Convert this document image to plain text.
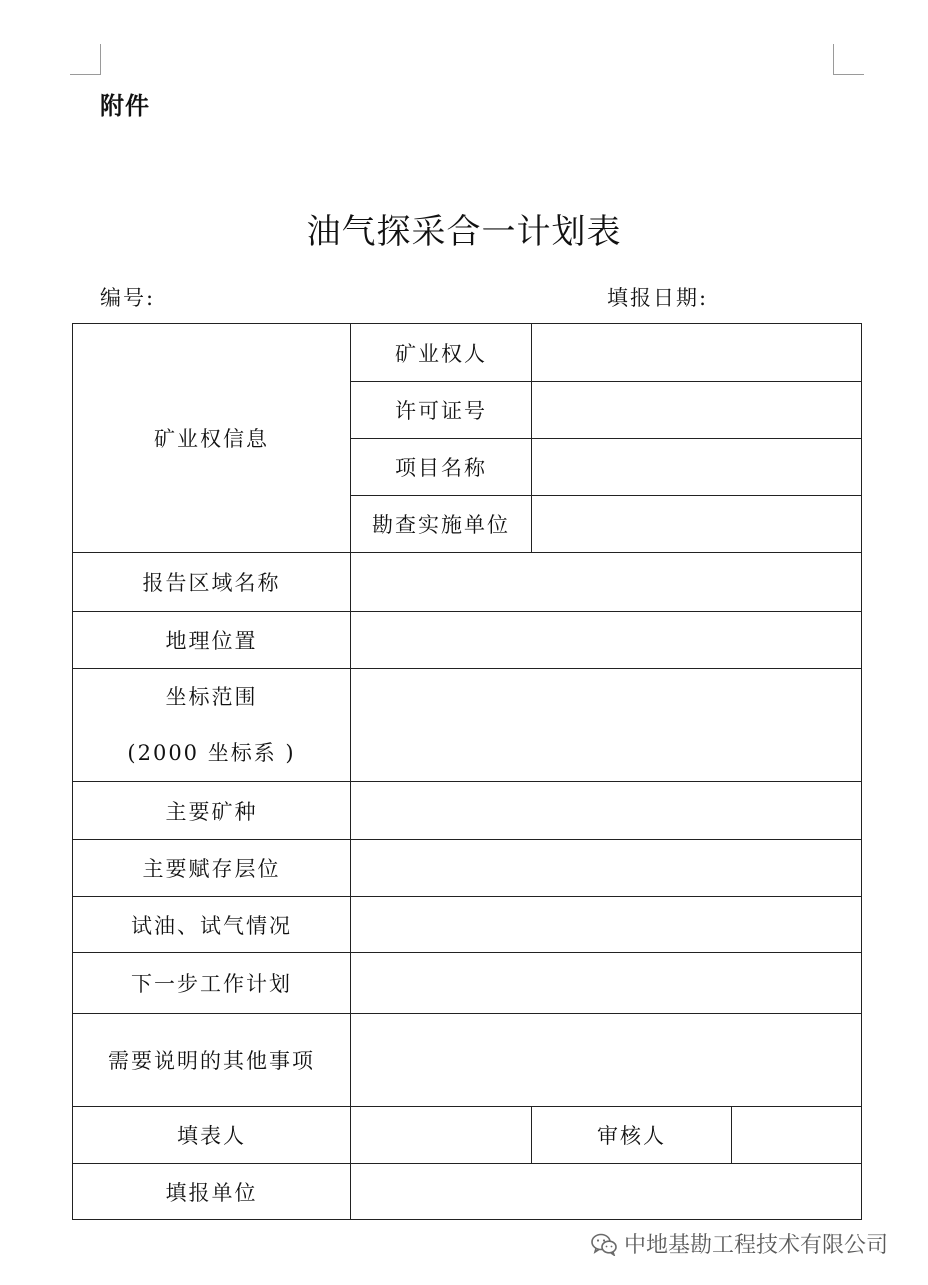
附件
油气探采合一计划表
编号:	填报日期:
矿业权信息	矿业权人		
	许可证号		
	项目名称		
	勘查实施单位		
报告区域名称			
地理位置			

坐标范围
(2000 坐标系 )			

主要矿种			
主要赋存层位			
试油、试气情况			
下一步工作计划			
需要说明的其他事项			
填表人		审核人	
填报单位			
中地基勘工程技术有限公司
